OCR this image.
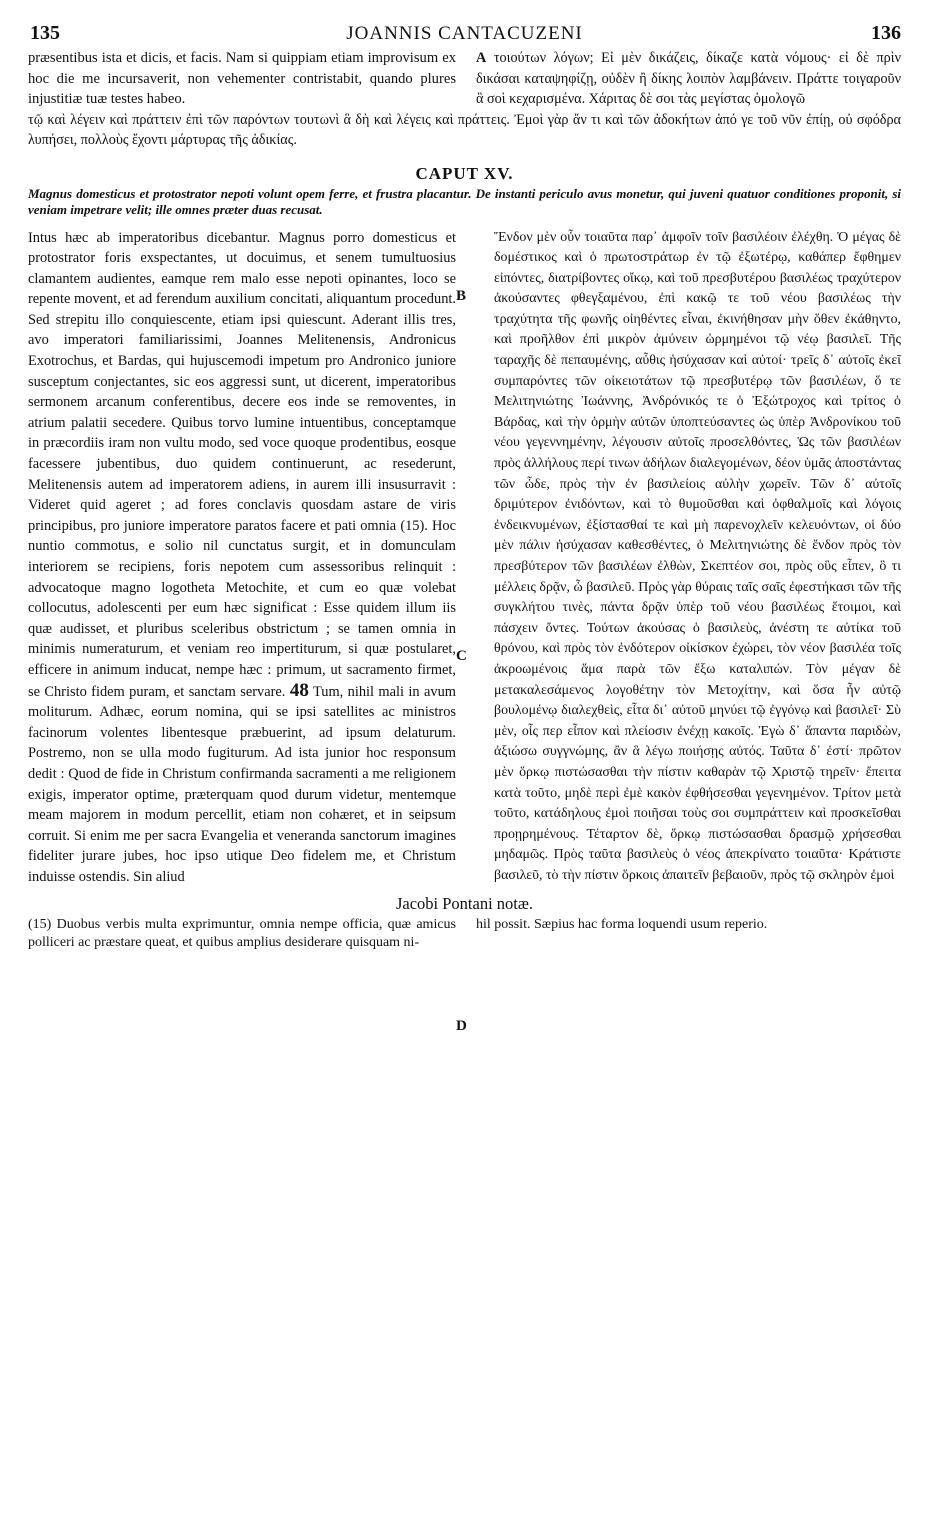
135	JOANNIS CANTACUZENI	136

præsentibus ista et dicis, et facis. Nam si quippiam etiam improvisum ex hoc die me incursaverit, non vehementer contristabit, quando plures injustitiæ tuæ testes habeo.

A τοιούτων λόγων; Εἰ μὲν δικάζεις, δίκαζε κατὰ νόμους· εἰ δὲ πρὶν δικάσαι καταψηφίζῃ, οὐδὲν ἢ δίκης λοιπὸν λαμβάνειν. Πράττε τοιγαροῦν ἃ σοὶ κεχαρισμένα. Χάριτας δὲ σοι τὰς μεγίστας ὁμολογῶ

τῷ καὶ λέγειν καὶ πράττειν ἐπὶ τῶν παρόντων τουτωνὶ ἃ δὴ καὶ λέγεις καὶ πράττεις. Ἐμοὶ γὰρ ἄν τι καὶ τῶν ἀδοκήτων ἀπό γε τοῦ νῦν ἐπίῃ, οὐ σφόδρα λυπήσει, πολλοὺς ἔχοντι μάρτυρας τῆς ἀδικίας.

CAPUT XV.

Magnus domesticus et protostrator nepoti volunt opem ferre, et frustra placantur. De instanti periculo avus monetur, qui juveni quatuor conditiones proponit, si veniam impetrare velit; ille omnes præter duas recusat.

B
C
D

Intus hæc ab imperatoribus dicebantur. Magnus porro domesticus et protostrator foris exspectantes, ut docuimus, et senem tumultuosius clamantem audientes, eamque rem malo esse nepoti opinantes, loco se repente movent, et ad ferendum auxilium concitati, aliquantum procedunt. Sed strepitu illo conquiescente, etiam ipsi quiescunt. Aderant illis tres, avo imperatori familiarissimi, Joannes Melitenensis, Andronicus Exotrochus, et Bardas, qui hujuscemodi impetum pro Andronico juniore susceptum conjectantes, sic eos aggressi sunt, ut dicerent, imperatoribus sermonem arcanum conferentibus, decere eos inde se removentes, in atrium palatii secedere. Quibus torvo lumine intuentibus, conceptamque in præcordiis iram non vultu modo, sed voce quoque prodentibus, eosque facessere jubentibus, duo quidem continuerunt, ac resederunt, Melitenensis autem ad imperatorem adiens, in aurem illi insusurravit : Videret quid ageret ; ad fores conclavis quosdam astare de viris principibus, pro juniore imperatore paratos facere et pati omnia (15). Hoc nuntio commotus, e solio nil cunctatus surgit, et in domunculam interiorem se recipiens, foris nepotem cum assessoribus relinquit : advocatoque magno logotheta Metochite, et cum eo quæ volebat collocutus, adolescenti per eum hæc significat : Esse quidem illum iis quæ audisset, et pluribus sceleribus obstrictum ; se tamen omnia in minimis numeraturum, et veniam reo impertiturum, si quæ postularet, efficere in animum inducat, nempe hæc : primum, ut sacramento firmet, se Christo fidem puram, et sanctam servare. 48 Tum, nihil mali in avum moliturum. Adhæc, eorum nomina, qui se ipsi satellites ac ministros facinorum volentes libentesque præbuerint, ad ipsum delaturum. Postremo, non se ulla modo fugiturum. Ad ista junior hoc responsum dedit : Quod de fide in Christum confirmanda sacramenti a me religionem exigis, imperator optime, præterquam quod durum videtur, mentemque meam majorem in modum percellit, etiam non cohæret, et in seipsum corruit. Si enim me per sacra Evangelia et veneranda sanctorum imagines fideliter jurare jubes, hoc ipso utique Deo fidelem me, et Christum induisse ostendis. Sin aliud

Ἔνδον μὲν οὖν τοιαῦτα παρ᾽ ἀμφοῖν τοῖν βασιλέοιν ἐλέχθη. Ὁ μέγας δὲ δομέστικος καὶ ὁ πρωτοστράτωρ ἐν τῷ ἐξωτέρῳ, καθάπερ ἔφθημεν εἰπόντες, διατρίβοντες οἴκῳ, καὶ τοῦ πρεσβυτέρου βασιλέως τραχύτερον ἀκούσαντες φθεγξαμένου, ἐπὶ κακῷ τε τοῦ νέου βασιλέως τὴν τραχύτητα τῆς φωνῆς οἰηθέντες εἶναι, ἐκινήθησαν μὴν ὅθεν ἐκάθηντο, καὶ προῆλθον ἐπὶ μικρὸν ἀμύνειν ὡρμημένοι τῷ νέῳ βασιλεῖ. Τῆς ταραχῆς δὲ πεπαυμένης, αὖθις ἡσύχασαν καὶ αὐτοί· τρεῖς δ᾽ αὐτοῖς ἐκεῖ συμπαρόντες τῶν οἰκειοτάτων τῷ πρεσβυτέρῳ τῶν βασιλέων, ὅ τε Μελιτηνιώτης Ἰωάννης, Ἀνδρόνικός τε ὁ Ἐξώτροχος καὶ τρίτος ὁ Βάρδας, καὶ τὴν ὁρμὴν αὐτῶν ὑποπτεύσαντες ὡς ὑπὲρ Ἀνδρονίκου τοῦ νέου γεγεννημένην, λέγουσιν αὐτοῖς προσελθόντες, Ὡς τῶν βασιλέων πρὸς ἀλλήλους περί τινων ἀδήλων διαλεγομένων, δέον ὑμᾶς ἀποστάντας τῶν ὧδε, πρὸς τὴν ἐν βασιλείοις αὐλὴν χωρεῖν. Τῶν δ᾽ αὐτοῖς δριμύτερον ἐνιδόντων, καὶ τὸ θυμοῦσθαι καὶ ὀφθαλμοῖς καὶ λόγοις ἐνδεικνυμένων, ἐξίστασθαί τε καὶ μὴ παρενοχλεῖν κελευόντων, οἱ δύο μὲν πάλιν ἡσύχασαν καθεσθέντες, ὁ Μελιτηνιώτης δὲ ἔνδον πρὸς τὸν πρεσβύτερον τῶν βασιλέων ἐλθὼν, Σκεπτέον σοι, πρὸς οὓς εἶπεν, ὃ τι μέλλεις δρᾷν, ὦ βασιλεῦ. Πρὸς γὰρ θύραις ταῖς σαῖς ἐφεστήκασι τῶν τῆς συγκλήτου τινὲς, πάντα δρᾷν ὑπὲρ τοῦ νέου βασιλέως ἕτοιμοι, καὶ πάσχειν ὄντες. Τούτων ἀκούσας ὁ βασιλεὺς, ἀνέστη τε αὐτίκα τοῦ θρόνου, καὶ πρὸς τὸν ἐνδότερον οἰκίσκον ἐχώρει, τὸν νέον βασιλέα τοῖς ἀκροωμένοις ἅμα παρὰ τῶν ἔξω καταλιπών. Τὸν μέγαν δὲ μετακαλεσάμενος λογοθέτην τὸν Μετοχίτην, καὶ ὅσα ἦν αὐτῷ βουλομένῳ διαλεχθεὶς, εἶτα δι᾽ αὐτοῦ μηνύει τῷ ἐγγόνῳ καὶ βασιλεῖ· Σὺ μὲν, οἷς περ εἶπον καὶ πλείοσιν ἐνέχῃ κακοῖς. Ἐγὼ δ᾽ ἅπαντα παριδὼν, ἀξιώσω συγγνώμης, ἂν ἃ λέγω ποιήσῃς αὐτός. Ταῦτα δ᾽ ἐστί· πρῶτον μὲν ὅρκῳ πιστώσασθαι τὴν πίστιν καθαρὰν τῷ Χριστῷ τηρεῖν· ἔπειτα κατὰ τοῦτο, μηδὲ περὶ ἐμὲ κακὸν ἐφθήσεσθαι γεγενημένον. Τρίτον μετὰ τοῦτο, κατάδηλους ἐμοὶ ποιῆσαι τοὺς σοι συμπράττειν καὶ προσκεῖσθαι προῃρημένους. Τέταρτον δὲ, ὅρκῳ πιστώσασθαι δρασμῷ χρήσεσθαι μηδαμῶς. Πρὸς ταῦτα βασιλεὺς ὁ νέος ἀπεκρίνατο τοιαῦτα· Κράτιστε βασιλεῦ, τὸ τὴν πίστιν ὅρκοις ἀπαιτεῖν βεβαιοῦν, πρὸς τῷ σκληρὸν ἐμοὶ

Jacobi Pontani notæ.

(15) Duobus verbis multa exprimuntur, omnia nempe officia, quæ amicus polliceri ac præstare queat, et quibus amplius desiderare quisquam ni-

hil possit. Sæpius hac forma loquendi usum reperio.
